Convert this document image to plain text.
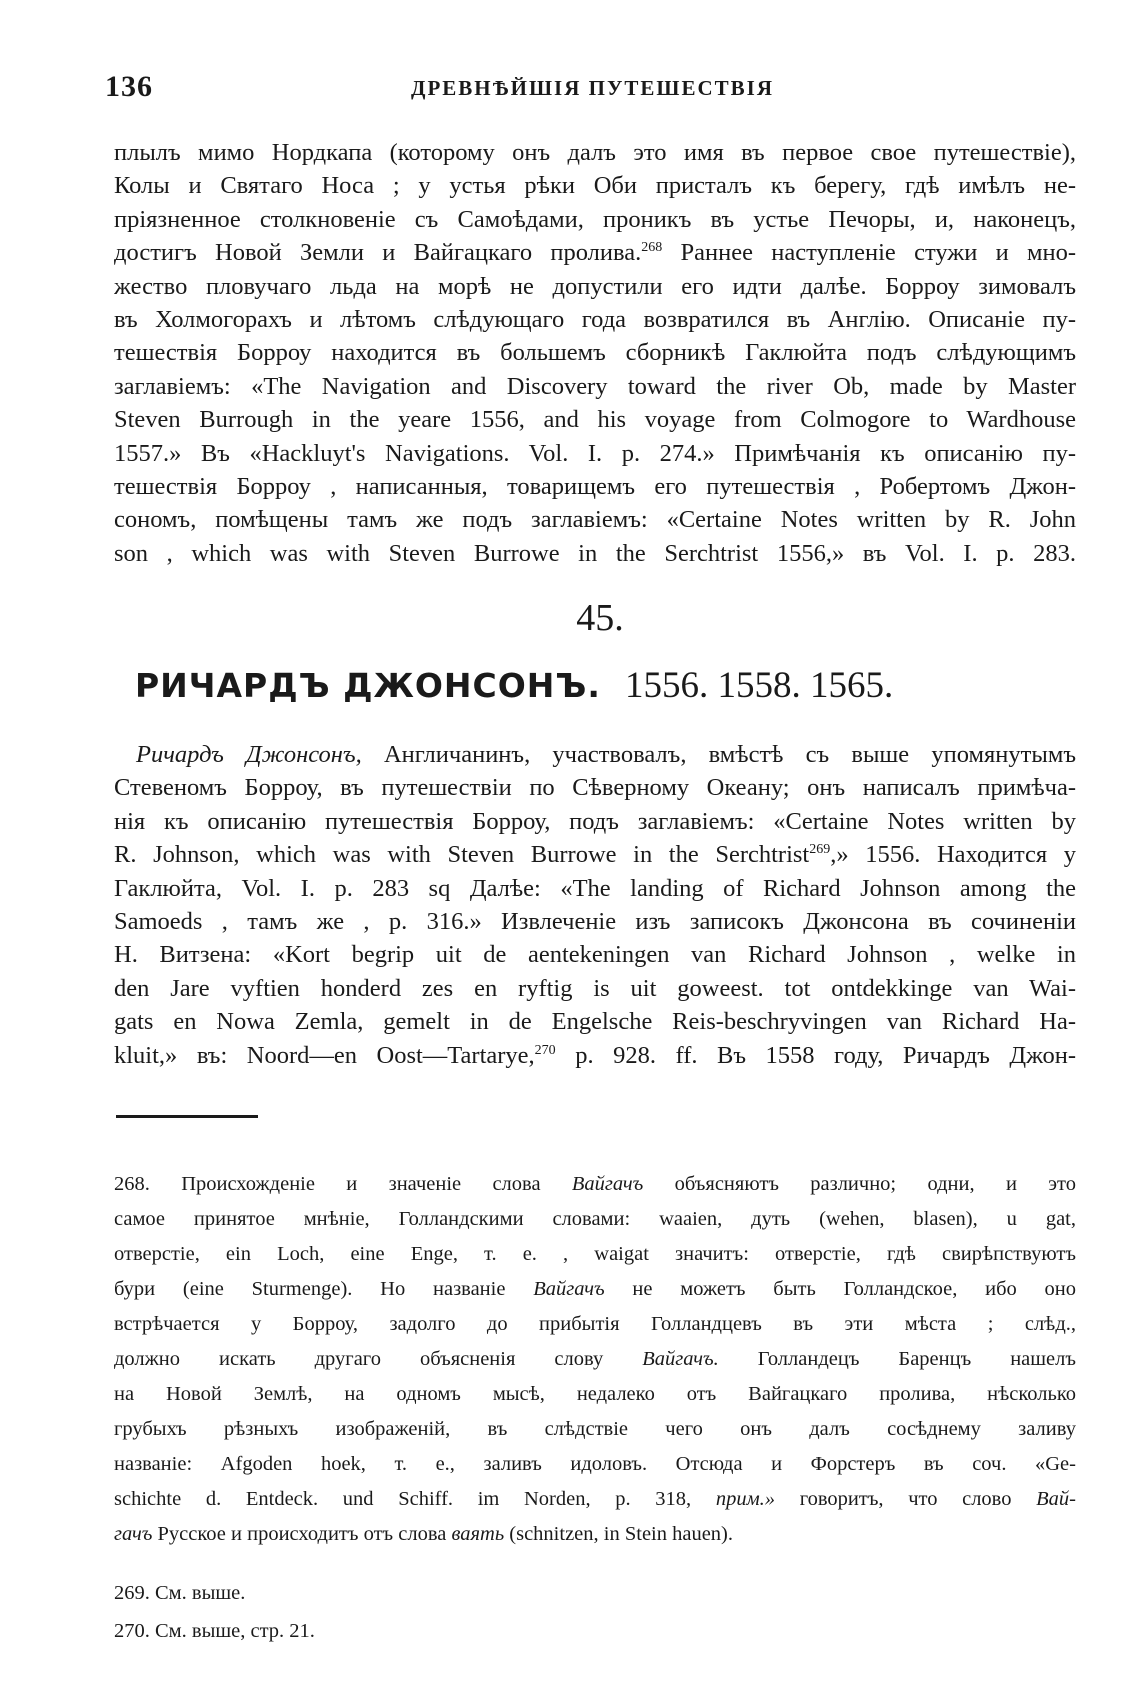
136	ДРЕВНѢЙШІЯ ПУТЕШЕСТВІЯ
плылъ мимо Нордкапа (которому онъ далъ это имя въ первое свое путешествіе),
Колы и Святаго Носа ; у устья рѣки Оби присталъ къ берегу, гдѣ имѣлъ не-
пріязненное столкновеніе съ Самоѣдами, проникъ въ устье Печоры, и, наконецъ,
достигъ Новой Земли и Вайгацкаго пролива.$^{268}$ Раннее наступленіе стужи и мно-
жество пловучаго льда на морѣ не допустили его идти далѣе. Борроу зимовалъ
въ Холмогорахъ и лѣтомъ слѣдующаго года возвратился въ Англію. Описаніе пу-
тешествія Борроу находится въ большемъ сборникѣ Гаклюйта подъ слѣдующимъ
заглавіемъ: «The Navigation and Discovery toward the river Ob, made by Master
Steven Burrough in the yeare 1556, and his voyage from Colmogore to Wardhouse
1557.» Въ «Hackluyt's Navigations. Vol. I. p. 274.» Примѣчанія къ описанію пу-
тешествія Борроу , написанныя, товарищемъ его путешествія , Робертомъ Джон-
сономъ, помѣщены тамъ же подъ заглавіемъ: «Certaine Notes written by R. John
son , which was with Steven Burrowe in the Serchtrist 1556,» въ Vol. I. p. 283.
45.
РИЧАРДЪ ДЖОНСОНЪ. 1556. 1558. 1565.
Ричардъ Джонсонъ, Англичанинъ, участвовалъ, вмѣстѣ съ выше упомянутымъ
Стевеномъ Борроу, въ путешествіи по Сѣверному Океану; онъ написалъ примѣча-
нія къ описанію путешествія Борроу, подъ заглавіемъ: «Certaine Notes written by
R. Johnson, which was with Steven Burrowe in the Serchtrist$^{269}$,» 1556. Находится у
Гаклюйта, Vol. I. p. 283 sq Далѣе: «The landing of Richard Johnson among the
Samoeds , тамъ же , p. 316.» Извлеченіе изъ записокъ Джонсона въ сочиненіи
Н. Витзена: «Kort begrip uit de aentekeningen van Richard Johnson , welke in
den Jare vyftien honderd zes en ryftig is uit goweest. tot ontdekkinge van Wai-
gats en Nowa Zemla, gemelt in de Engelsche Reis-beschryvingen van Richard Ha-
kluit,» въ: Noord—en Oost—Tartarye,$^{270}$ p. 928. ff. Въ 1558 году, Ричардъ Джон-
268. Происхожденіе и значеніе слова Вайгачъ объясняютъ различно; одни, и это
самое принятое мнѣніе, Голландскими словами: waaien, дуть (wehen, blasen), u gat,
отверстіе, ein Loch, eine Enge, т. е. , waigat значитъ: отверстіе, гдѣ свирѣпствуютъ
бури (eine Sturmenge). Но названіе Вайгачъ не можетъ быть Голландское, ибо оно
встрѣчается у Борроу, задолго до прибытія Голландцевъ въ эти мѣста ; слѣд.,
должно искать другаго объясненія слову Вайгачъ. Голландецъ Баренцъ нашелъ
на Новой Землѣ, на одномъ мысѣ, недалеко отъ Вайгацкаго пролива, нѣсколько
грубыхъ рѣзныхъ изображеній, въ слѣдствіе чего онъ далъ сосѣднему заливу
названіе: Afgoden hoek, т. е., заливъ идоловъ. Отсюда и Форстеръ въ соч. «Ge-
schichte d. Entdeck. und Schiff. im Norden, p. 318, прим.» говоритъ, что слово Вай-
гачъ Русское и происходитъ отъ слова ваять (schnitzen, in Stein hauen).
269. См. выше.
270. См. выше, стр. 21.
